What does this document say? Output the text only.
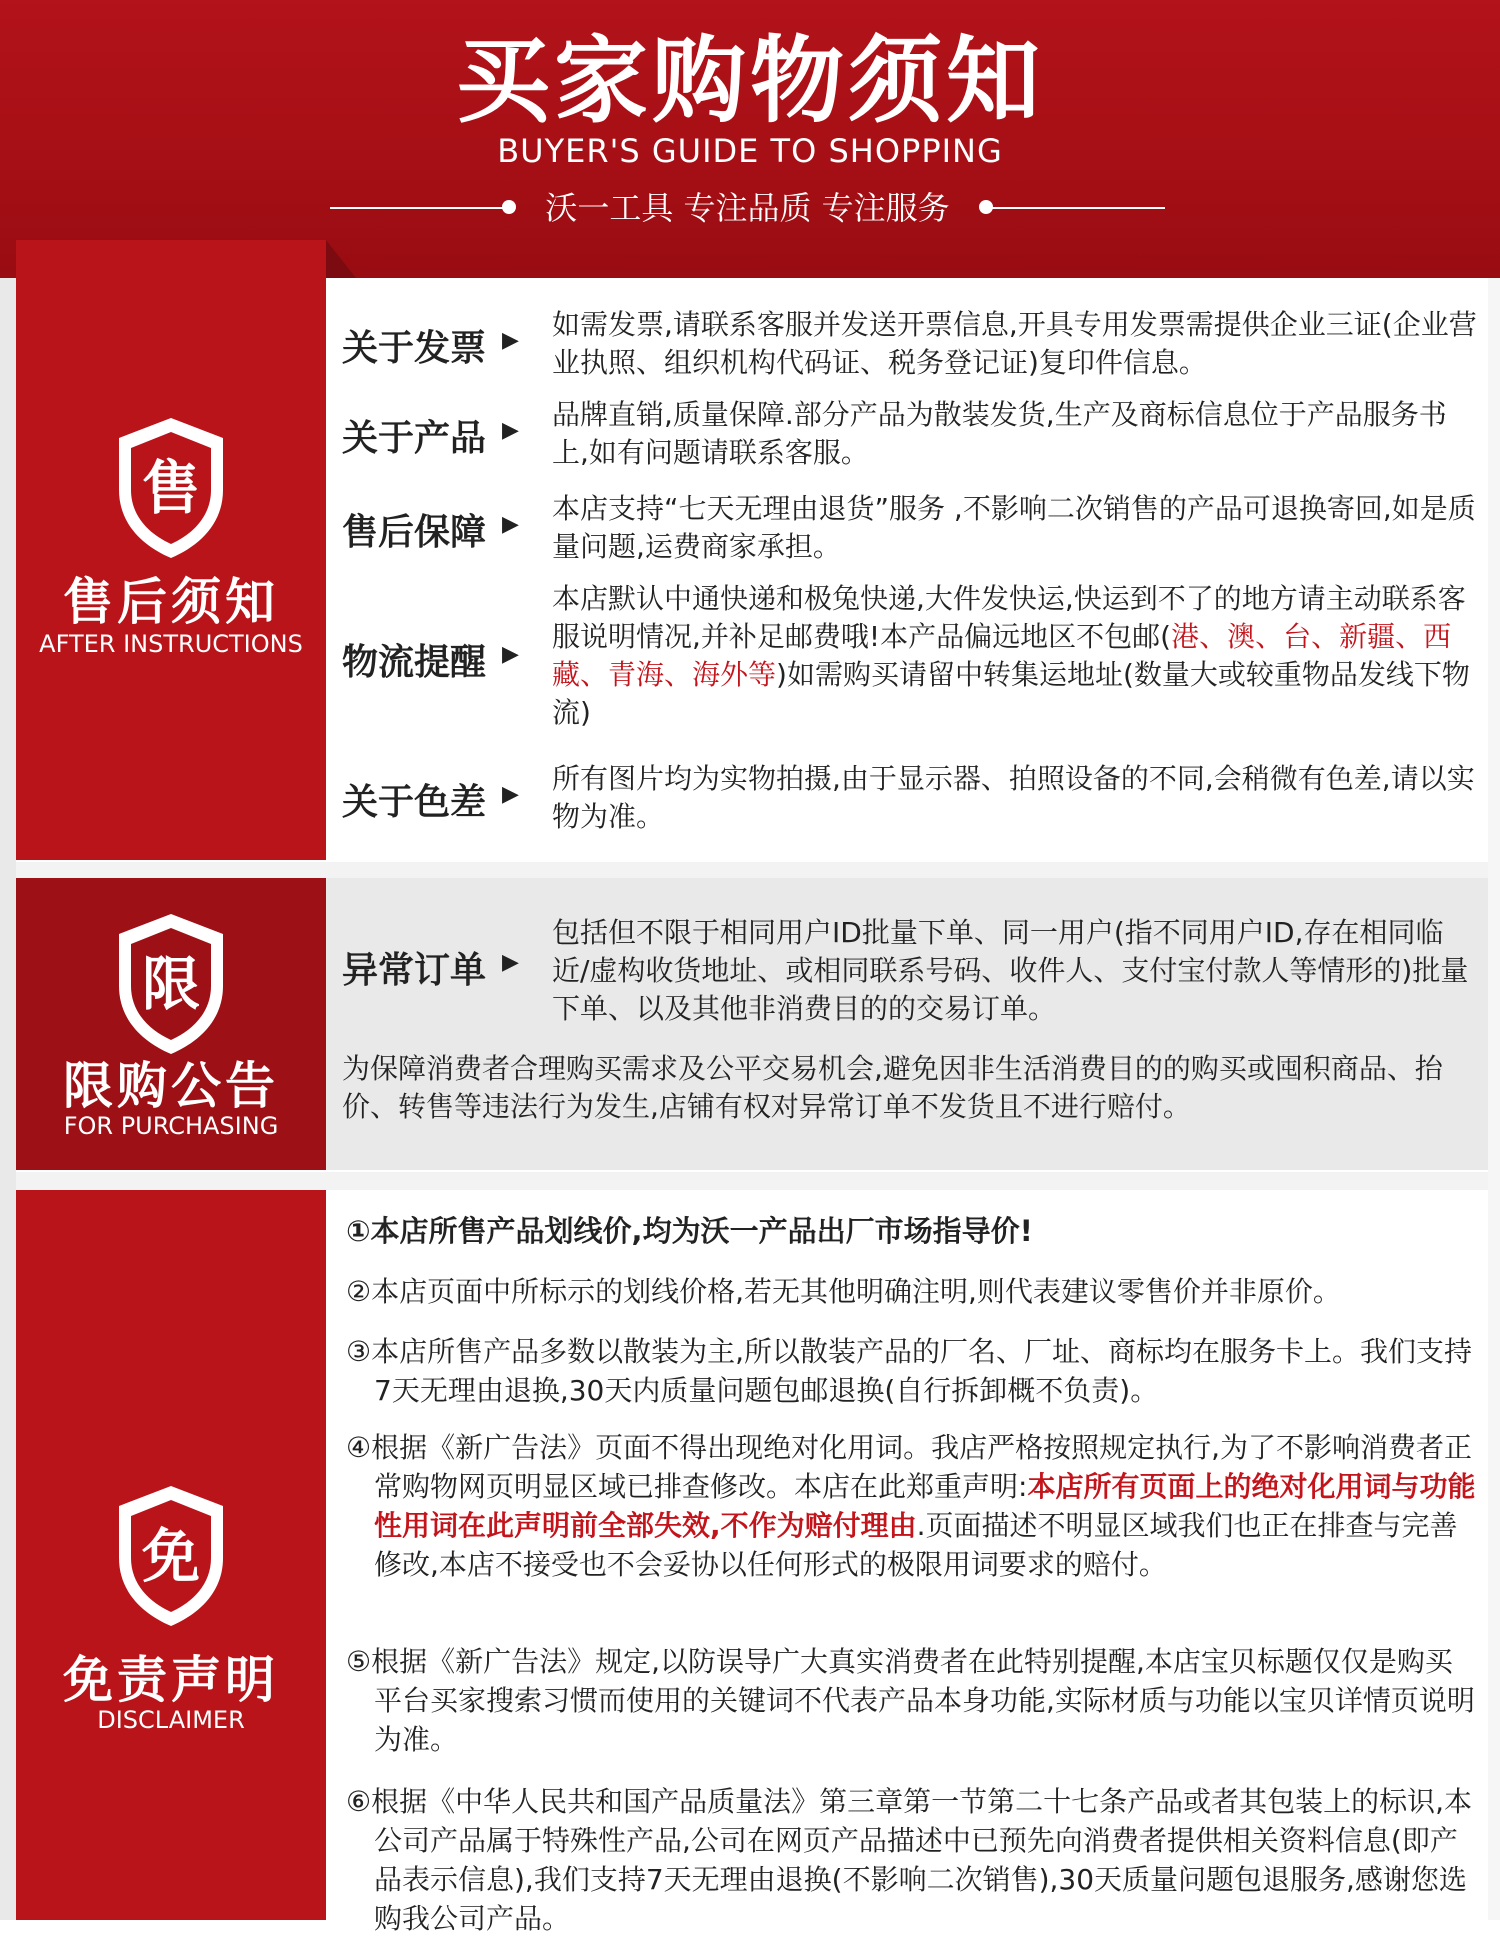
买家购物须知
BUYER'S GUIDE TO SHOPPING
沃一工具 专注品质 专注服务
售
售后须知
AFTER INSTRUCTIONS
关于发票 ▶ 如需发票,请联系客服并发送开票信息,开具专用发票需提供企业三证(企业营业执照、组织机构代码证、税务登记证)复印件信息。
关于产品 ▶ 品牌直销,质量保障.部分产品为散装发货,生产及商标信息位于产品服务书上,如有问题请联系客服。
售后保障 ▶ 本店支持“七天无理由退货”服务 ,不影响二次销售的产品可退换寄回,如是质量问题,运费商家承担。
物流提醒 ▶
本店默认中通快递和极兔快递,大件发快运,快运到不了的地方请主动联系客服说明情况,并补足邮费哦!本产品偏远地区不包邮(港、澳、台、新疆、西藏、青海、海外等)如需购买请留中转集运地址(数量大或较重物品发线下物流)
关于色差 ▶ 所有图片均为实物拍摄,由于显示器、拍照设备的不同,会稍微有色差,请以实物为准。
限
限购公告
FOR PURCHASING
异常订单 ▶
包括但不限于相同用户ID批量下单、同一用户(指不同用户ID,存在相同临近/虚构收货地址、或相同联系号码、收件人、支付宝付款人等情形的)批量下单、以及其他非消费目的的交易订单。
为保障消费者合理购买需求及公平交易机会,避免因非生活消费目的的购买或囤积商品、抬价、转售等违法行为发生,店铺有权对异常订单不发货且不进行赔付。
免
免责声明
DISCLAIMER
①本店所售产品划线价,均为沃一产品出厂市场指导价!
②本店页面中所标示的划线价格,若无其他明确注明,则代表建议零售价并非原价。
③本店所售产品多数以散装为主,所以散装产品的厂名、厂址、商标均在服务卡上。我们支持7天无理由退换,30天内质量问题包邮退换(自行拆卸概不负责)。
④根据《新广告法》页面不得出现绝对化用词。我店严格按照规定执行,为了不影响消费者正常购物网页明显区域已排查修改。本店在此郑重声明:本店所有页面上的绝对化用词与功能性用词在此声明前全部失效,不作为赔付理由.页面描述不明显区域我们也正在排查与完善修改,本店不接受也不会妥协以任何形式的极限用词要求的赔付。
⑤根据《新广告法》规定,以防误导广大真实消费者在此特别提醒,本店宝贝标题仅仅是购买平台买家搜索习惯而使用的关键词不代表产品本身功能,实际材质与功能以宝贝详情页说明为准。
⑥根据《中华人民共和国产品质量法》第三章第一节第二十七条产品或者其包装上的标识,本公司产品属于特殊性产品,公司在网页产品描述中已预先向消费者提供相关资料信息(即产品表示信息),我们支持7天无理由退换(不影响二次销售),30天质量问题包退服务,感谢您选购我公司产品。
